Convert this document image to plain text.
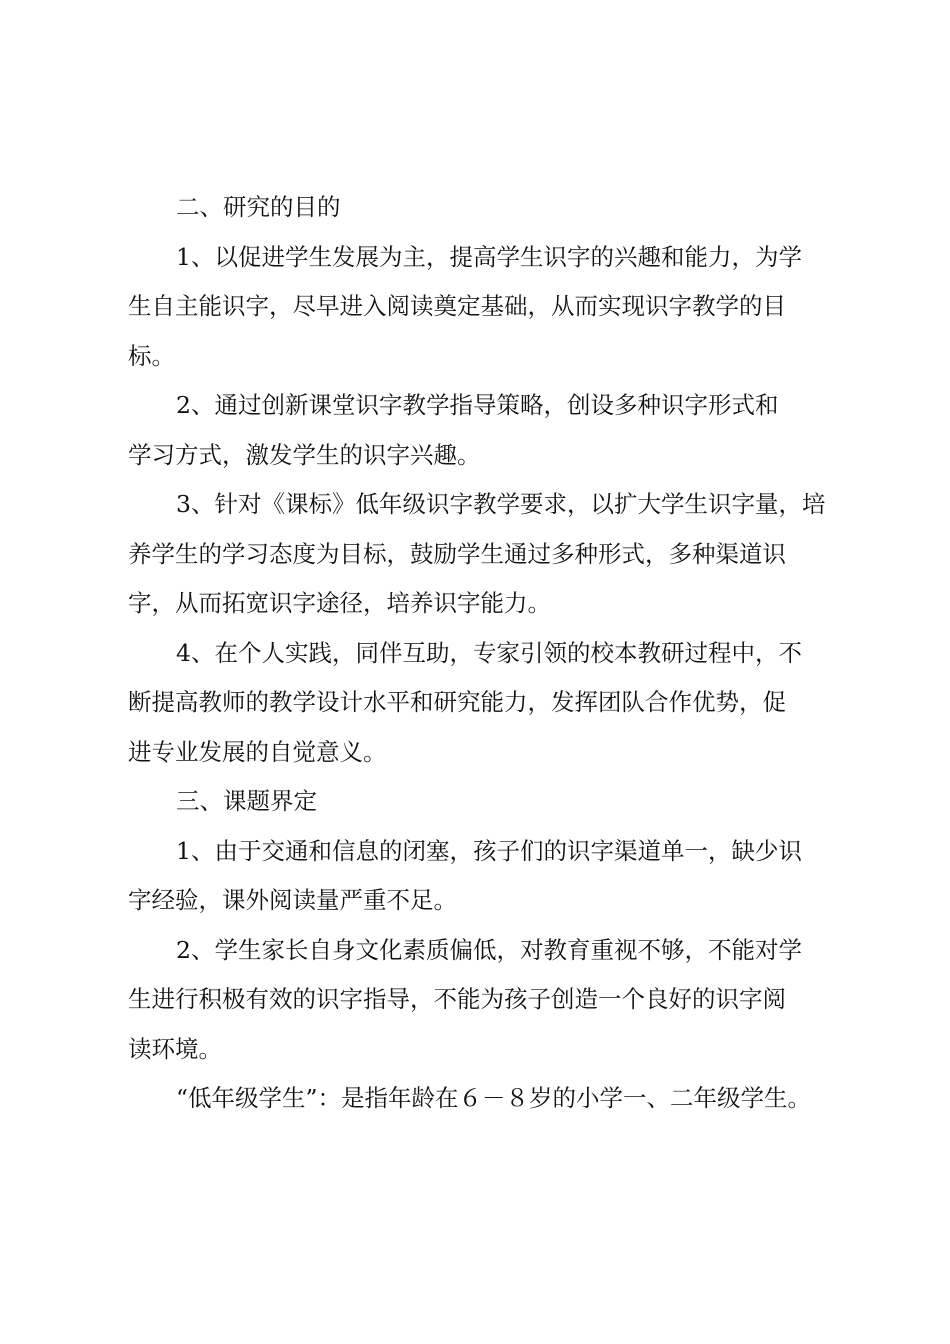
二、研究的目的
1、以促进学生发展为主，提高学生识字的兴趣和能力，为学
生自主能识字，尽早进入阅读奠定基础，从而实现识字教学的目
标。
2、通过创新课堂识字教学指导策略，创设多种识字形式和
学习方式，激发学生的识字兴趣。
3、针对《课标》低年级识字教学要求，以扩大学生识字量，培
养学生的学习态度为目标，鼓励学生通过多种形式，多种渠道识
字，从而拓宽识字途径，培养识字能力。
4、在个人实践，同伴互助，专家引领的校本教研过程中，不
断提高教师的教学设计水平和研究能力，发挥团队合作优势，促
进专业发展的自觉意义。
三、课题界定
1、由于交通和信息的闭塞，孩子们的识字渠道单一，缺少识
字经验，课外阅读量严重不足。
2、学生家长自身文化素质偏低，对教育重视不够，不能对学
生进行积极有效的识字指导，不能为孩子创造一个良好的识字阅
读环境。
“低年级学生”：是指年龄在６－８岁的小学一、二年级学生。
